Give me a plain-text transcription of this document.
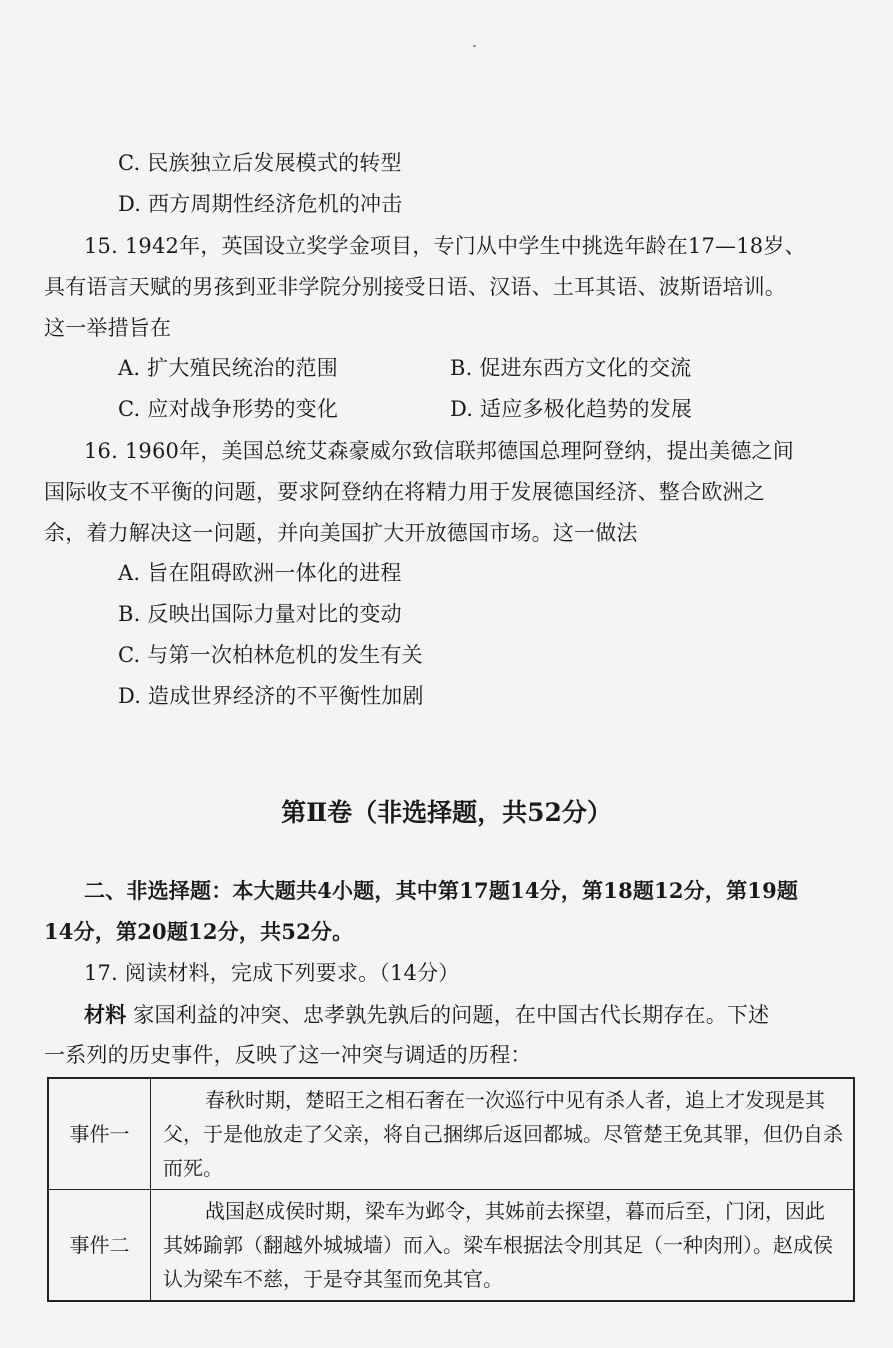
C. 民族独立后发展模式的转型
D. 西方周期性经济危机的冲击
15. 1942年，英国设立奖学金项目，专门从中学生中挑选年龄在17—18岁、
具有语言天赋的男孩到亚非学院分别接受日语、汉语、土耳其语、波斯语培训。
这一举措旨在
A. 扩大殖民统治的范围	B. 促进东西方文化的交流
C. 应对战争形势的变化	D. 适应多极化趋势的发展
16. 1960年，美国总统艾森豪威尔致信联邦德国总理阿登纳，提出美德之间
国际收支不平衡的问题，要求阿登纳在将精力用于发展德国经济、整合欧洲之
余，着力解决这一问题，并向美国扩大开放德国市场。这一做法
A. 旨在阻碍欧洲一体化的进程
B. 反映出国际力量对比的变动
C. 与第一次柏林危机的发生有关
D. 造成世界经济的不平衡性加剧
第Ⅱ卷（非选择题，共52分）
二、非选择题：本大题共4小题，其中第17题14分，第18题12分，第19题
14分，第20题12分，共52分。
17. 阅读材料，完成下列要求。（14分）
材料 家国利益的冲突、忠孝孰先孰后的问题，在中国古代长期存在。下述
一系列的历史事件，反映了这一冲突与调适的历程：
事件一	春秋时期，楚昭王之相石奢在一次巡行中见有杀人者，追上才发现是其父，于是他放走了父亲，将自己捆绑后返回都城。尽管楚王免其罪，但仍自杀而死。

事件二	战国赵成侯时期，梁车为邺令，其姊前去探望，暮而后至，门闭，因此其姊踰郭（翻越外城城墙）而入。梁车根据法令刖其足（一种肉刑）。赵成侯认为梁车不慈，于是夺其玺而免其官。
